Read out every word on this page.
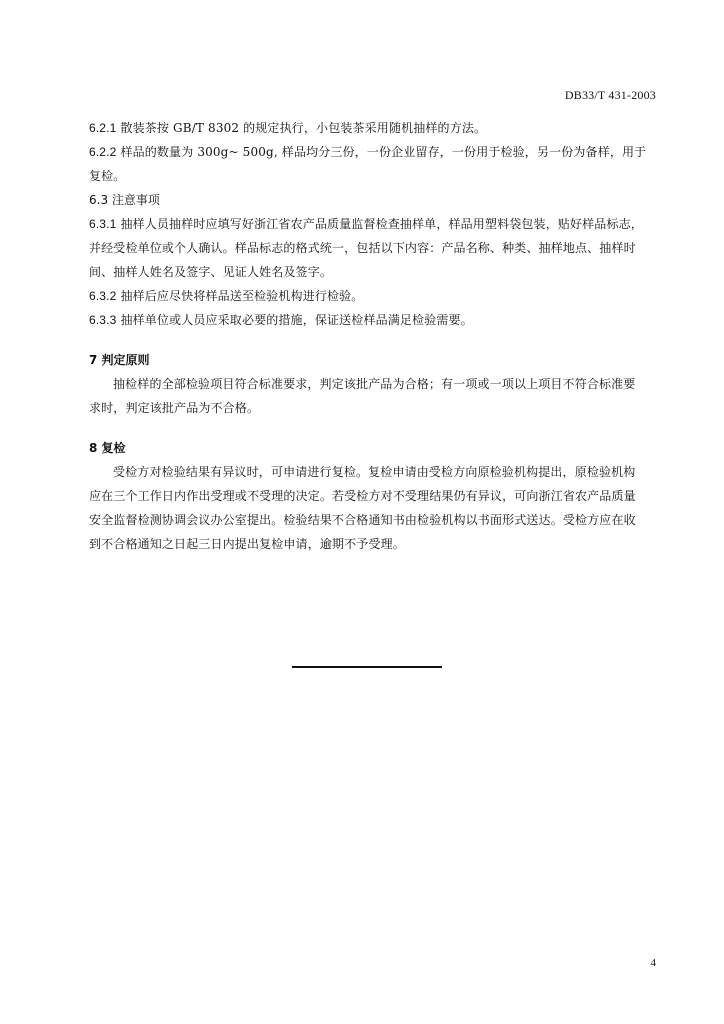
DB33/T 431-2003
6.2.1 散装茶按 GB/T 8302 的规定执行，小包装茶采用随机抽样的方法。
6.2.2 样品的数量为 300g~ 500g, 样品均分三份，一份企业留存，一份用于检验，另一份为备样，用于
复检。
6.3 注意事项
6.3.1 抽样人员抽样时应填写好浙江省农产品质量监督检查抽样单，样品用塑料袋包装，贴好样品标志，
并经受检单位或个人确认。样品标志的格式统一，包括以下内容：产品名称、种类、抽样地点、抽样时
间、抽样人姓名及签字、见证人姓名及签字。
6.3.2 抽样后应尽快将样品送至检验机构进行检验。
6.3.3 抽样单位或人员应采取必要的措施，保证送检样品满足检验需要。
7 判定原则
抽检样的全部检验项目符合标准要求，判定该批产品为合格；有一项或一项以上项目不符合标准要
求时，判定该批产品为不合格。
8 复检
受检方对检验结果有异议时，可申请进行复检。复检申请由受检方向原检验机构提出，原检验机构
应在三个工作日内作出受理或不受理的决定。若受检方对不受理结果仍有异议，可向浙江省农产品质量
安全监督检测协调会议办公室提出。检验结果不合格通知书由检验机构以书面形式送达。受检方应在收
到不合格通知之日起三日内提出复检申请，逾期不予受理。
4
